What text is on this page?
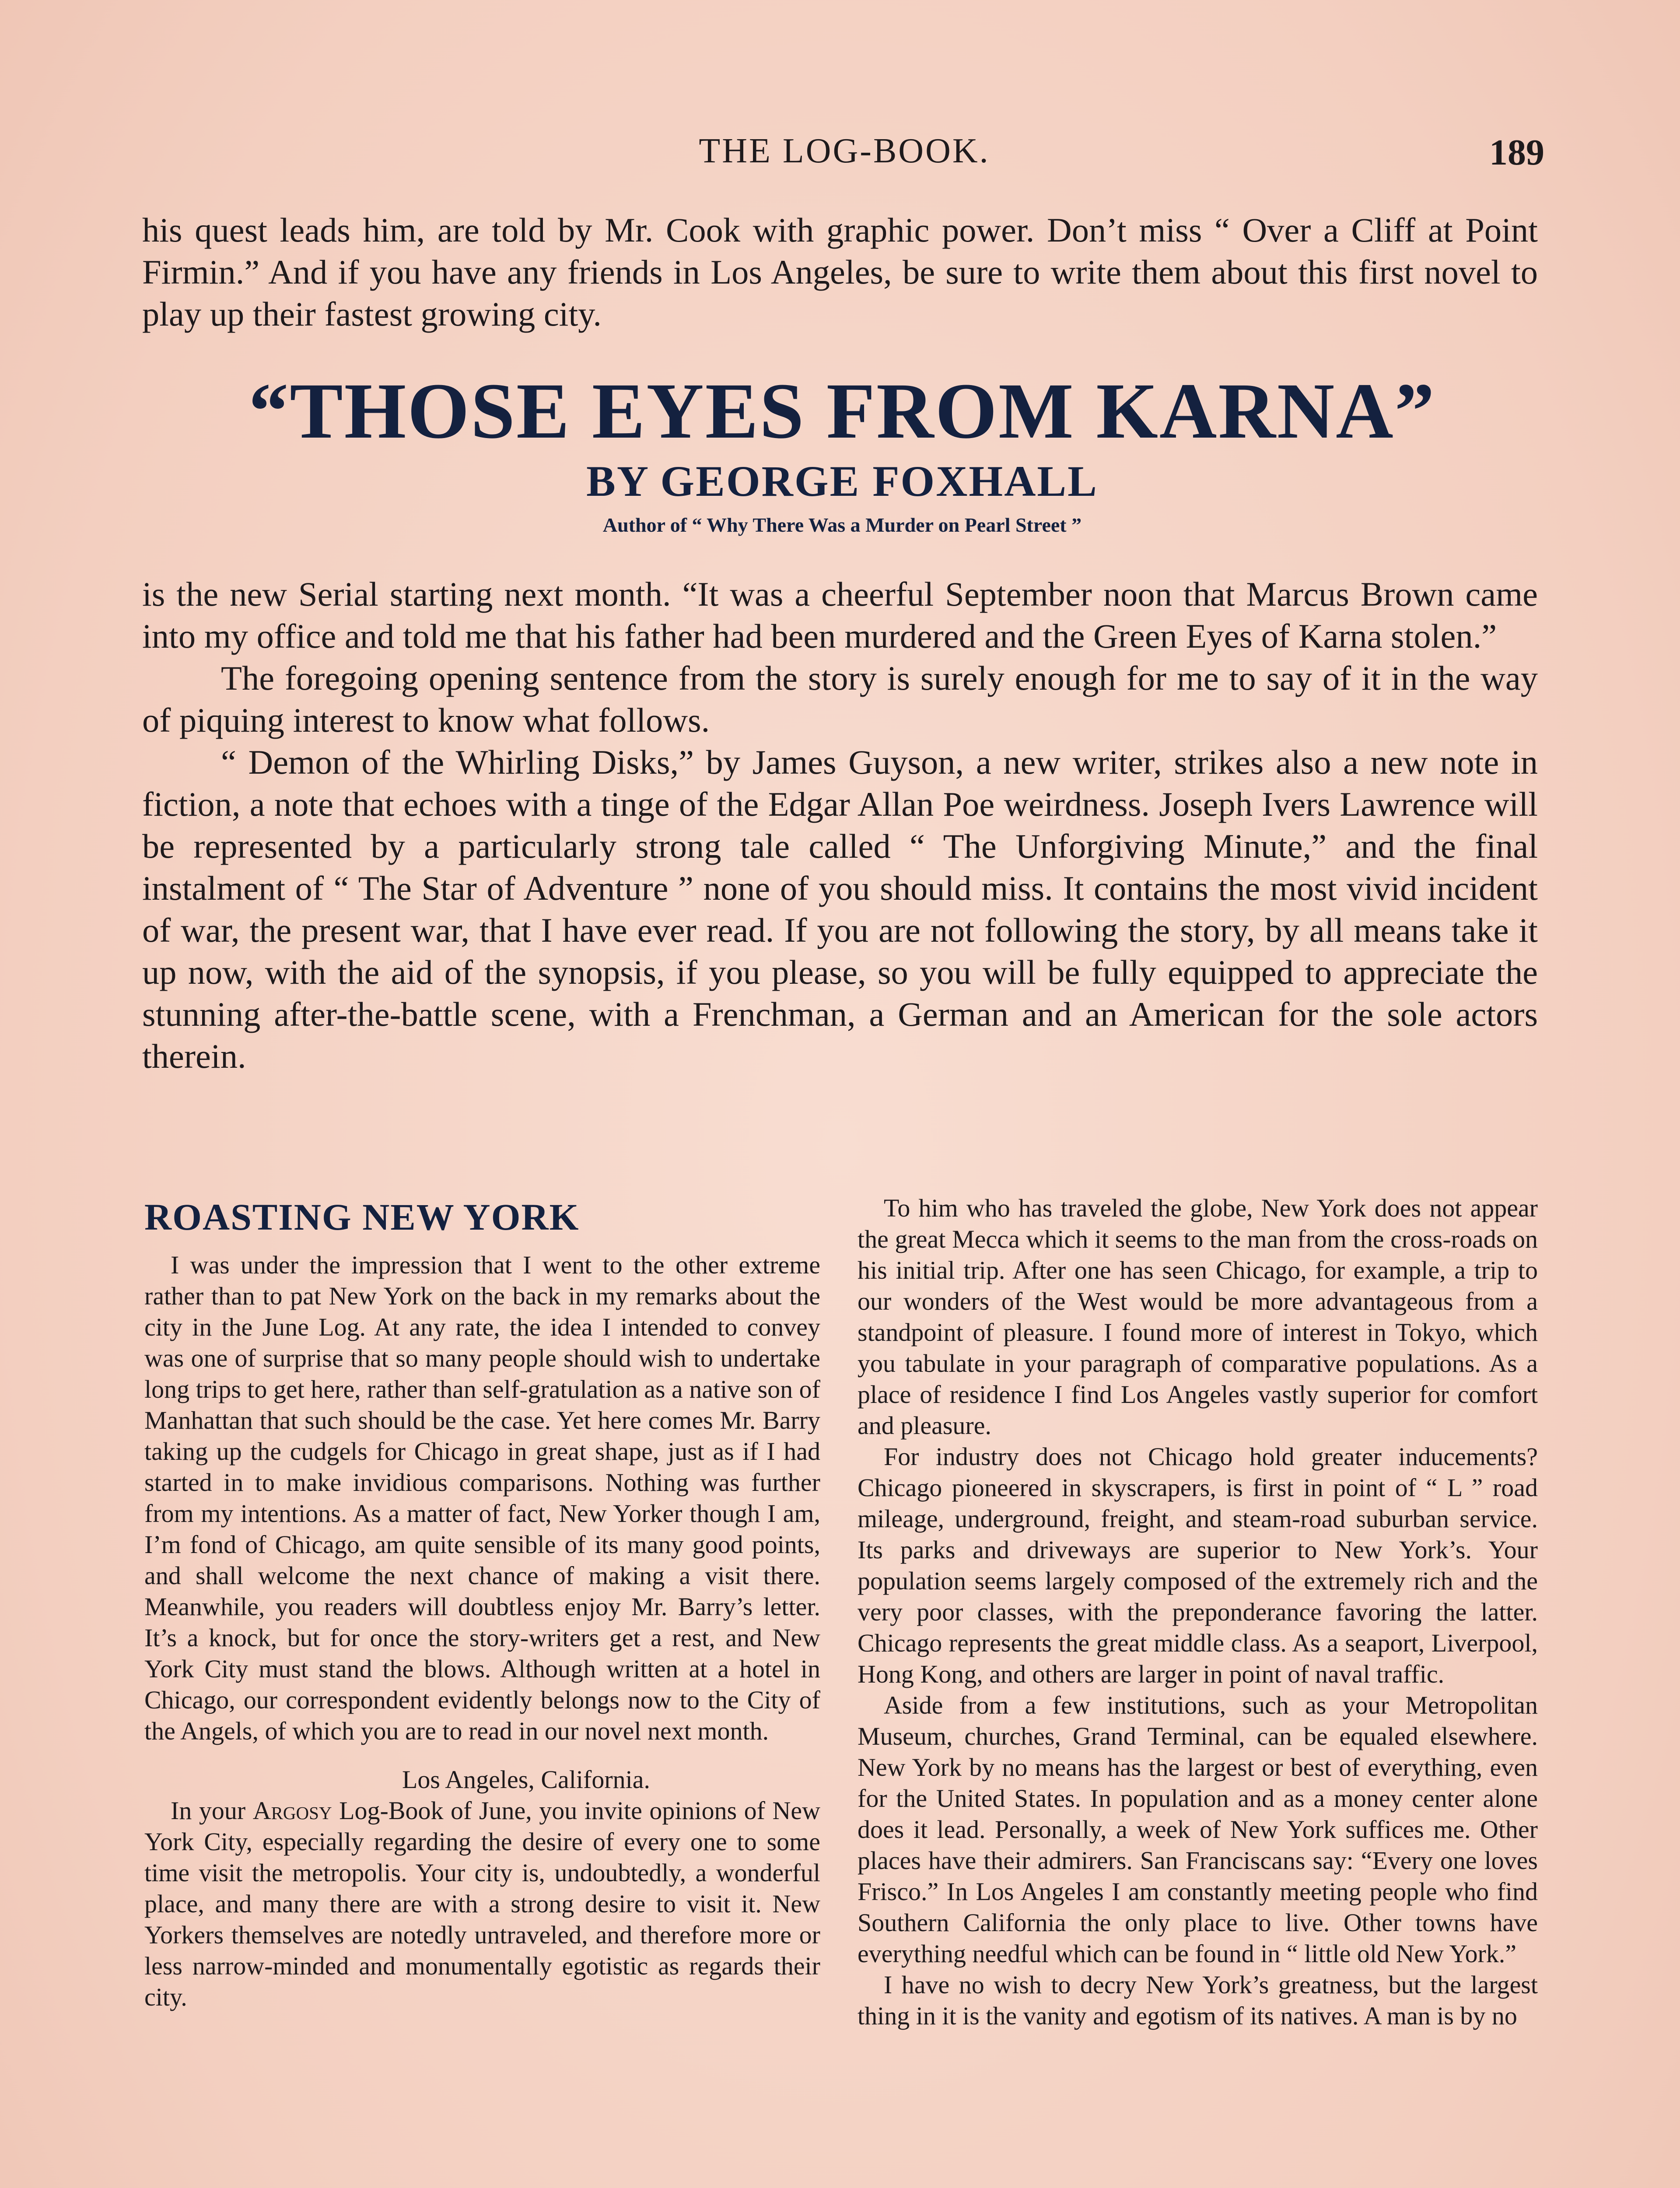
THE LOG-BOOK.	189

his quest leads him, are told by Mr. Cook with graphic power. Don’t miss “ Over a Cliff at Point Firmin.” And if you have any friends in Los Angeles, be sure to write them about this first novel to play up their fastest growing city.

“THOSE EYES FROM KARNA”
BY GEORGE FOXHALL
Author of “ Why There Was a Murder on Pearl Street ”

is the new Serial starting next month. “It was a cheerful September noon that Marcus Brown came into my office and told me that his father had been murdered and the Green Eyes of Karna stolen.”

The foregoing opening sentence from the story is surely enough for me to say of it in the way of piquing interest to know what follows.

“ Demon of the Whirling Disks,” by James Guyson, a new writer, strikes also a new note in fiction, a note that echoes with a tinge of the Edgar Allan Poe weirdness. Joseph Ivers Lawrence will be represented by a particularly strong tale called “ The Unforgiving Minute,” and the final instalment of “ The Star of Adventure ” none of you should miss. It contains the most vivid incident of war, the present war, that I have ever read. If you are not following the story, by all means take it up now, with the aid of the synopsis, if you please, so you will be fully equipped to appreciate the stunning after-the-battle scene, with a Frenchman, a German and an American for the sole actors therein.

ROASTING NEW YORK

I was under the impression that I went to the other extreme rather than to pat New York on the back in my remarks about the city in the June Log. At any rate, the idea I intended to convey was one of surprise that so many people should wish to undertake long trips to get here, rather than self-gratulation as a native son of Manhattan that such should be the case. Yet here comes Mr. Barry taking up the cudgels for Chicago in great shape, just as if I had started in to make invidious comparisons. Nothing was further from my intentions. As a matter of fact, New Yorker though I am, I’m fond of Chicago, am quite sensible of its many good points, and shall welcome the next chance of making a visit there. Meanwhile, you readers will doubtless enjoy Mr. Barry’s letter. It’s a knock, but for once the story-writers get a rest, and New York City must stand the blows. Although written at a hotel in Chicago, our correspondent evidently belongs now to the City of the Angels, of which you are to read in our novel next month.

Los Angeles, California.

In your Argosy Log-Book of June, you invite opinions of New York City, especially regarding the desire of every one to some time visit the metropolis. Your city is, undoubtedly, a wonderful place, and many there are with a strong desire to visit it. New Yorkers themselves are notedly untraveled, and therefore more or less narrow-minded and monumentally egotistic as regards their city.

To him who has traveled the globe, New York does not appear the great Mecca which it seems to the man from the cross-roads on his initial trip. After one has seen Chicago, for example, a trip to our wonders of the West would be more advantageous from a standpoint of pleasure. I found more of interest in Tokyo, which you tabulate in your paragraph of comparative populations. As a place of residence I find Los Angeles vastly superior for comfort and pleasure.

For industry does not Chicago hold greater inducements? Chicago pioneered in skyscrapers, is first in point of “ L ” road mileage, underground, freight, and steam-road suburban service. Its parks and driveways are superior to New York’s. Your population seems largely composed of the extremely rich and the very poor classes, with the preponderance favoring the latter. Chicago represents the great middle class. As a seaport, Liverpool, Hong Kong, and others are larger in point of naval traffic.

Aside from a few institutions, such as your Metropolitan Museum, churches, Grand Terminal, can be equaled elsewhere. New York by no means has the largest or best of everything, even for the United States. In population and as a money center alone does it lead. Personally, a week of New York suffices me. Other places have their admirers. San Franciscans say: “Every one loves Frisco.” In Los Angeles I am constantly meeting people who find Southern California the only place to live. Other towns have everything needful which can be found in “ little old New York.”

I have no wish to decry New York’s greatness, but the largest thing in it is the vanity and egotism of its natives. A man is by no
